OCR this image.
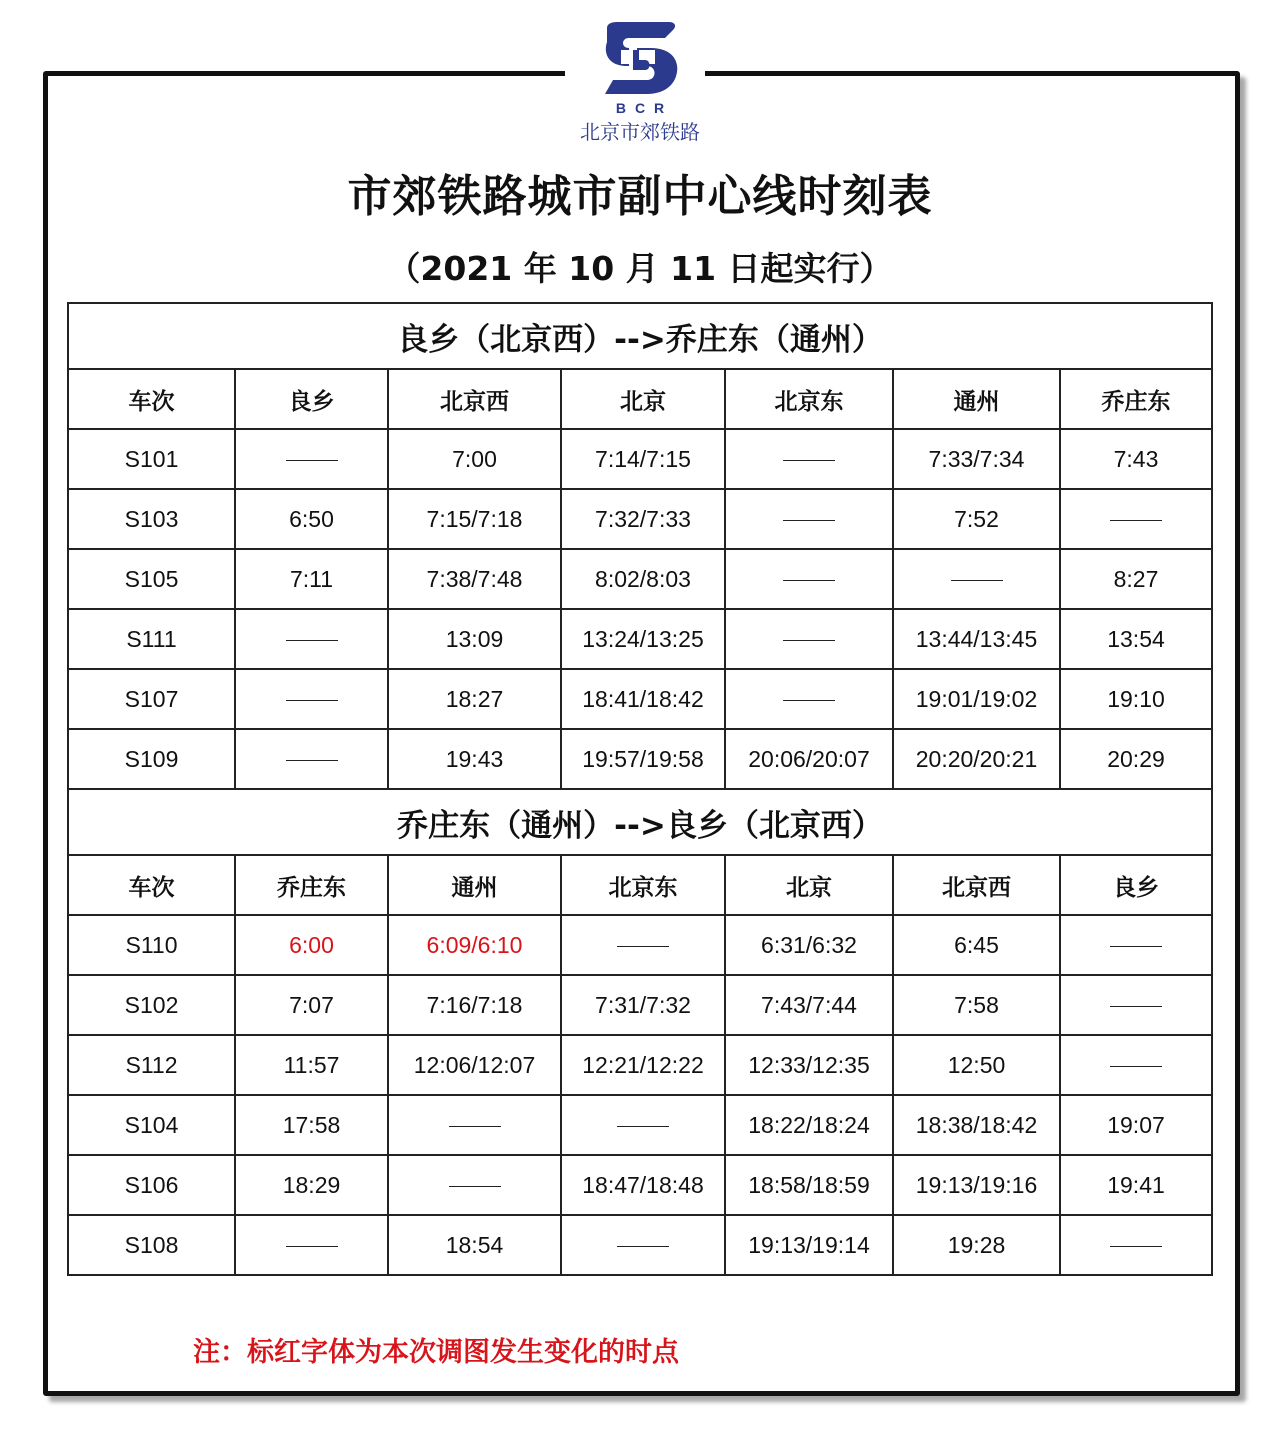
BCR
北京市郊铁路
市郊铁路城市副中心线时刻表
（2021 年 10 月 11 日起实行）
良乡（北京西）-->乔庄东（通州）						
车次	良乡	北京西	北京	北京东	通州	乔庄东
S101		7:00	7:14/7:15		7:33/7:34	7:43
S103	6:50	7:15/7:18	7:32/7:33		7:52	
S105	7:11	7:38/7:48	8:02/8:03			8:27
S111		13:09	13:24/13:25		13:44/13:45	13:54
S107		18:27	18:41/18:42		19:01/19:02	19:10
S109		19:43	19:57/19:58	20:06/20:07	20:20/20:21	20:29
乔庄东（通州）-->良乡（北京西）						
车次	乔庄东	通州	北京东	北京	北京西	良乡
S110	6:00	6:09/6:10		6:31/6:32	6:45	
S102	7:07	7:16/7:18	7:31/7:32	7:43/7:44	7:58	
S112	11:57	12:06/12:07	12:21/12:22	12:33/12:35	12:50	
S104	17:58			18:22/18:24	18:38/18:42	19:07
S106	18:29		18:47/18:48	18:58/18:59	19:13/19:16	19:41
S108		18:54		19:13/19:14	19:28	
注：标红字体为本次调图发生变化的时点
